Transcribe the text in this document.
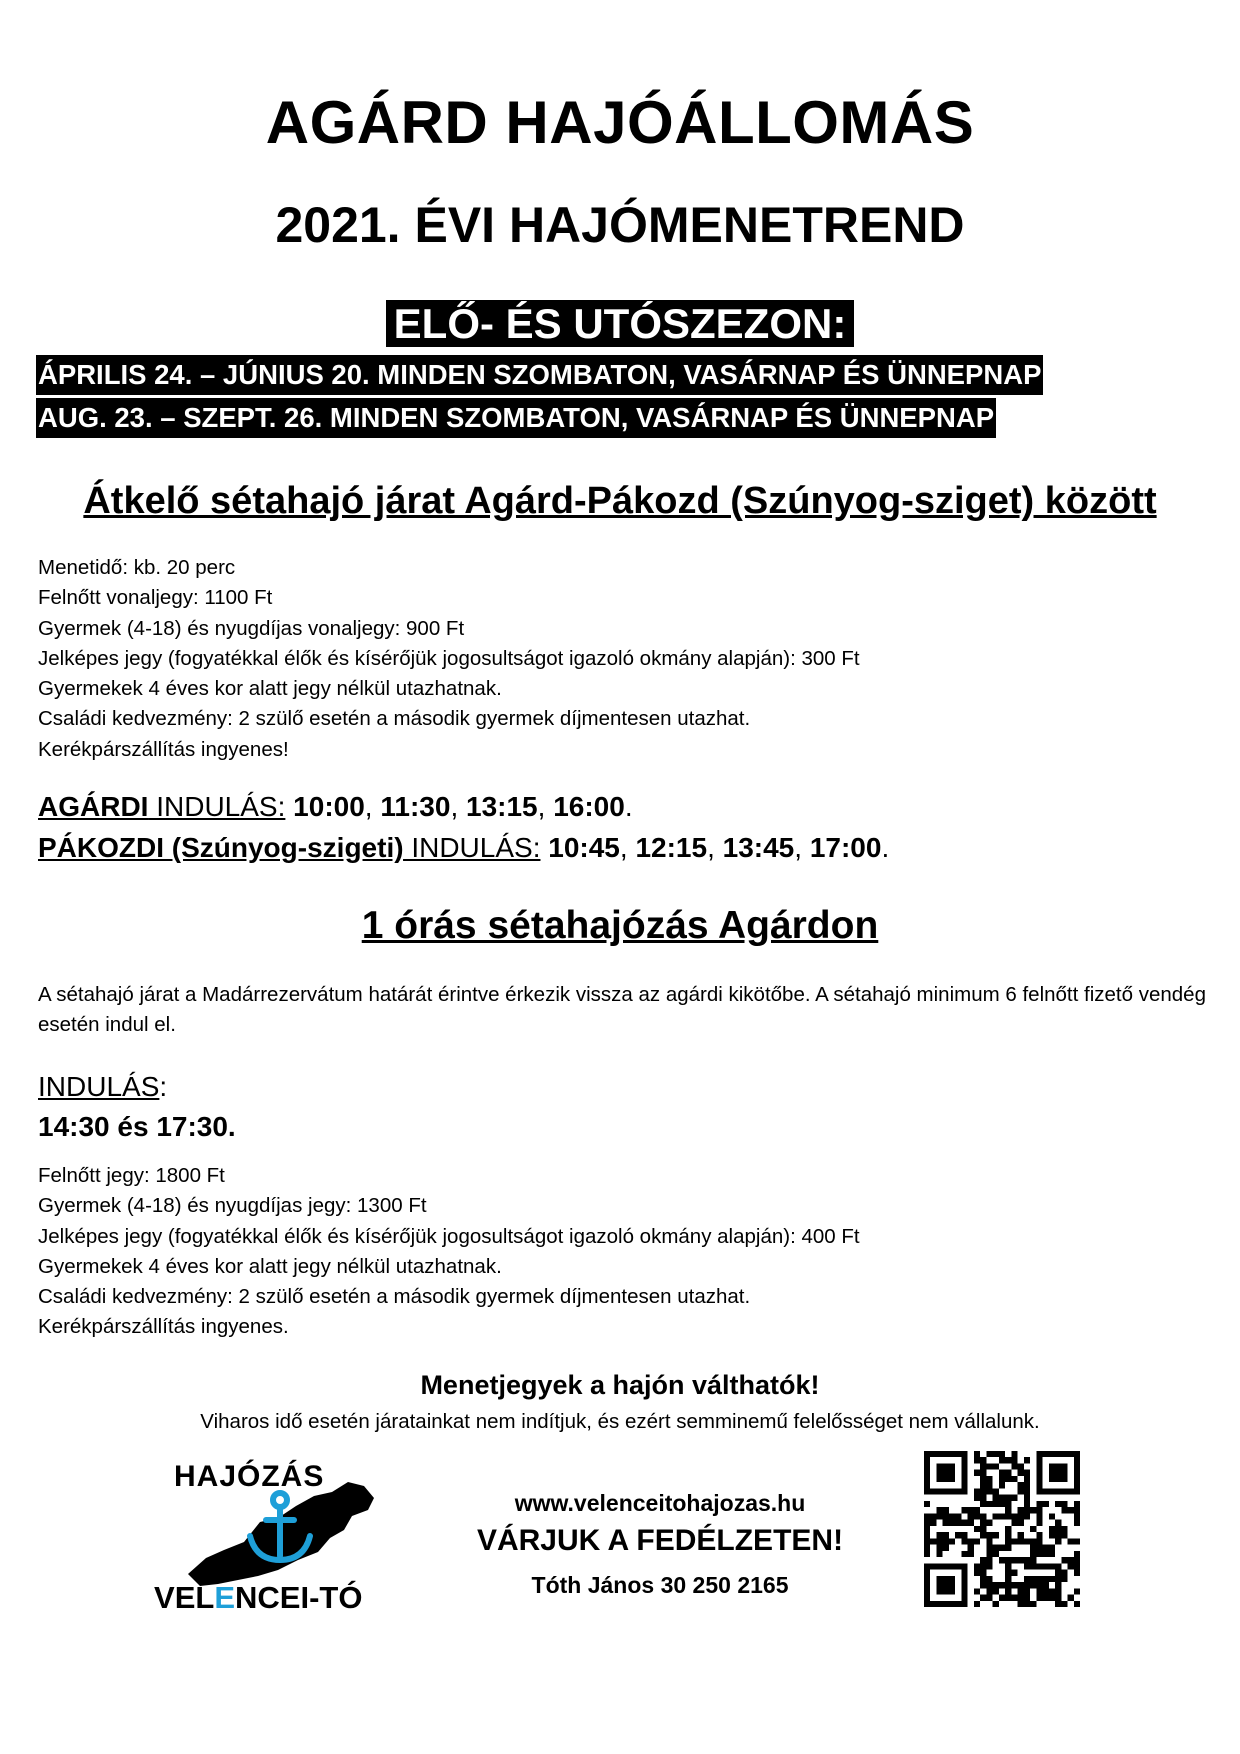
AGÁRD HAJÓÁLLOMÁS
2021. ÉVI HAJÓMENETREND
ELŐ- ÉS UTÓSZEZON:
ÁPRILIS 24. – JÚNIUS 20. MINDEN SZOMBATON, VASÁRNAP ÉS ÜNNEPNAP
AUG. 23. – SZEPT. 26. MINDEN SZOMBATON, VASÁRNAP ÉS ÜNNEPNAP
Átkelő sétahajó járat Agárd-Pákozd (Szúnyog-sziget) között
Menetidő: kb. 20 perc
Felnőtt vonaljegy: 1100 Ft
Gyermek (4-18) és nyugdíjas vonaljegy: 900 Ft
Jelképes jegy (fogyatékkal élők és kísérőjük jogosultságot igazoló okmány alapján): 300 Ft
Gyermekek 4 éves kor alatt jegy nélkül utazhatnak.
Családi kedvezmény: 2 szülő esetén a második gyermek díjmentesen utazhat.
Kerékpárszállítás ingyenes!
AGÁRDI INDULÁS: 10:00, 11:30, 13:15, 16:00.
PÁKOZDI (Szúnyog-szigeti) INDULÁS: 10:45, 12:15, 13:45, 17:00.
1 órás sétahajózás Agárdon
A sétahajó járat a Madárrezervátum határát érintve érkezik vissza az agárdi kikötőbe. A sétahajó minimum 6 felnőtt fizető vendég esetén indul el.
INDULÁS:
14:30 és 17:30.
Felnőtt jegy: 1800 Ft
Gyermek (4-18) és nyugdíjas jegy: 1300 Ft
Jelképes jegy (fogyatékkal élők és kísérőjük jogosultságot igazoló okmány alapján): 400 Ft
Gyermekek 4 éves kor alatt jegy nélkül utazhatnak.
Családi kedvezmény: 2 szülő esetén a második gyermek díjmentesen utazhat.
Kerékpárszállítás ingyenes.
Menetjegyek a hajón válthatók!
Viharos idő esetén járatainkat nem indítjuk, és ezért semminemű felelősséget nem vállalunk.
HAJÓZÁS
VELENCEI-TÓ
www.velenceitohajozas.hu
VÁRJUK A FEDÉLZETEN!
Tóth János 30 250 2165
